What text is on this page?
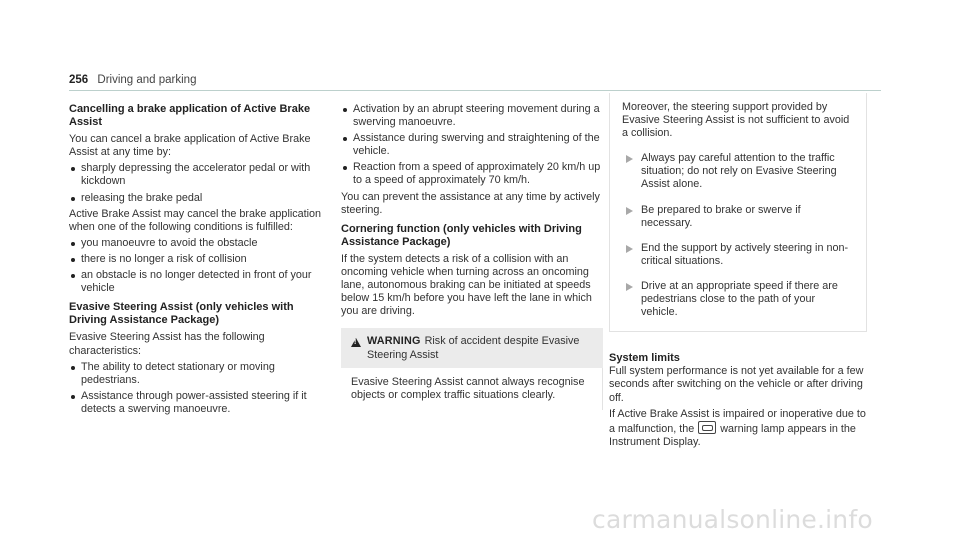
256 Driving and parking
Cancelling a brake application of Active Brake Assist

You can cancel a brake application of Active Brake Assist at any time by:

sharply depressing the accelerator pedal or with kickdown
releasing the brake pedal

Active Brake Assist may cancel the brake application when one of the following conditions is fulfilled:

you manoeuvre to avoid the obstacle
there is no longer a risk of collision
an obstacle is no longer detected in front of your vehicle
Evasive Steering Assist (only vehicles with Driving Assistance Package)

Evasive Steering Assist has the following characteristics:

The ability to detect stationary or moving pedestrians.
Assistance through power-assisted steering if it detects a swerving manoeuvre.
Activation by an abrupt steering movement during a swerving manoeuvre.
Assistance during swerving and straightening of the vehicle.
Reaction from a speed of approximately 20 km/h up to a speed of approximately 70 km/h.

You can prevent the assistance at any time by actively steering.

Cornering function (only vehicles with Driving Assistance Package)

If the system detects a risk of a collision with an oncoming vehicle when turning across an oncoming lane, autonomous braking can be initiated at speeds below 15 km/h before you have left the lane in which you are driving.

!
WARNING Risk of accident despite Evasive Steering Assist
Evasive Steering Assist cannot always recognise objects or complex traffic situations clearly.

Moreover, the steering support provided by Evasive Steering Assist is not sufficient to avoid a collision.

Always pay careful attention to the traffic situation; do not rely on Evasive Steering Assist alone.
Be prepared to brake or swerve if necessary.
End the support by actively steering in non-critical situations.
Drive at an appropriate speed if there are pedestrians close to the path of your vehicle.
System limits

Full system performance is not yet available for a few seconds after switching on the vehicle or after driving off.

If Active Brake Assist is impaired or inoperative due to a malfunction, the warning lamp appears in the Instrument Display.

carmanualsonline.info
